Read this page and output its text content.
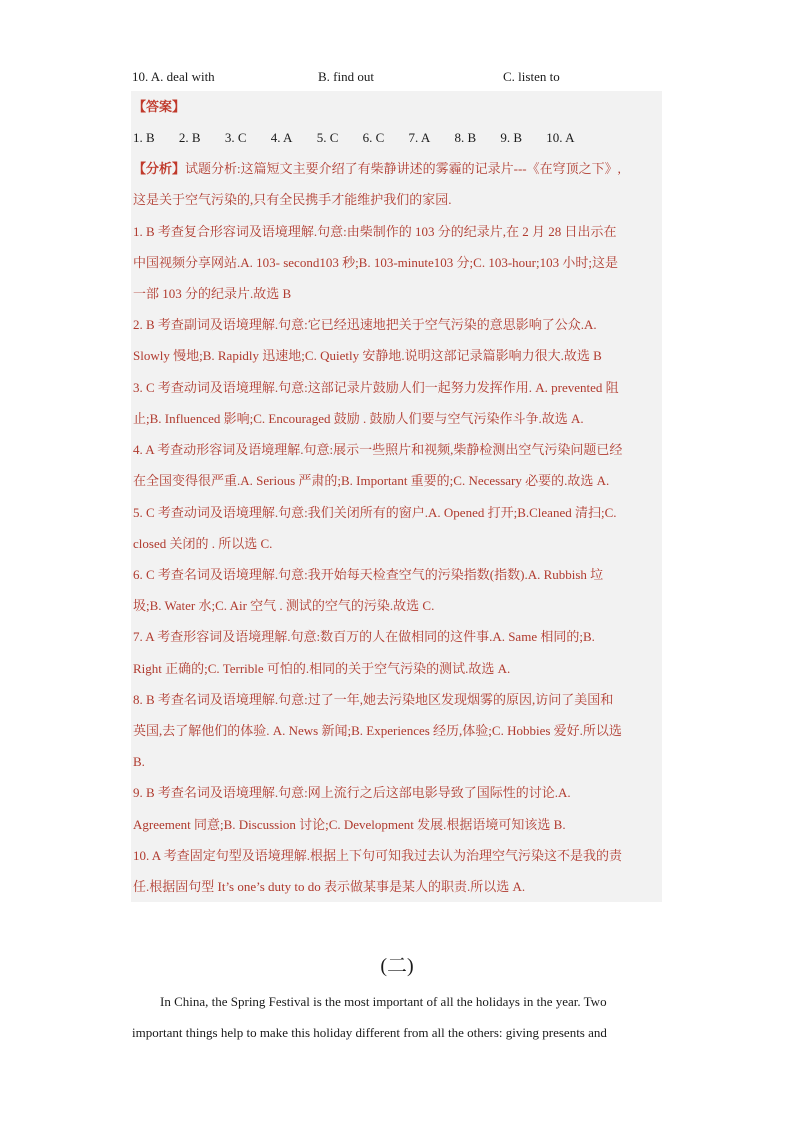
10. A. deal with	B. find out	C. listen to
【答案】
1. B 2. B 3. C 4. A 5. C 6. C 7. A 8. B 9. B 10. A
【分析】试题分析:这篇短文主要介绍了有柴静讲述的雾霾的记录片---《在穹顶之下》,
这是关于空气污染的,只有全民携手才能维护我们的家园.
1. B 考查复合形容词及语境理解.句意:由柴制作的 103 分的纪录片,在 2 月 28 日出示在
中国视频分享网站.A. 103- second103 秒;B. 103-minute103 分;C. 103-hour;103 小时;这是
一部 103 分的纪录片.故选 B
2. B 考查副词及语境理解.句意:它已经迅速地把关于空气污染的意思影响了公众.A.
Slowly 慢地;B. Rapidly 迅速地;C. Quietly 安静地.说明这部记录篇影响力很大.故选 B
3. C 考查动词及语境理解.句意:这部记录片鼓励人们一起努力发挥作用. A. prevented 阻
止;B. Influenced 影响;C. Encouraged 鼓励 . 鼓励人们要与空气污染作斗争.故选 A.
4. A 考查动形容词及语境理解.句意:展示一些照片和视频,柴静检测出空气污染问题已经
在全国变得很严重.A. Serious 严肃的;B. Important 重要的;C. Necessary 必要的.故选 A.
5. C 考查动词及语境理解.句意:我们关闭所有的窗户.A. Opened 打开;B.Cleaned 清扫;C.
closed 关闭的 . 所以选 C.
6. C 考查名词及语境理解.句意:我开始每天检查空气的污染指数(指数).A. Rubbish 垃
圾;B. Water 水;C. Air 空气 . 测试的空气的污染.故选 C.
7. A 考查形容词及语境理解.句意:数百万的人在做相同的这件事.A. Same 相同的;B.
Right 正确的;C. Terrible 可怕的.相同的关于空气污染的测试.故选 A.
8. B 考查名词及语境理解.句意:过了一年,她去污染地区发现烟雾的原因,访问了美国和
英国,去了解他们的体验. A. News 新闻;B. Experiences 经历,体验;C. Hobbies 爱好.所以选
B.
9. B 考查名词及语境理解.句意:网上流行之后这部电影导致了国际性的讨论.A.
Agreement 同意;B. Discussion 讨论;C. Development 发展.根据语境可知该选 B.
10. A 考查固定句型及语境理解.根据上下句可知我过去认为治理空气污染这不是我的责
任.根据固句型 It’s one’s duty to do 表示做某事是某人的职责.所以选 A.
(二)
In China, the Spring Festival is the most important of all the holidays in the year. Two
important things help to make this holiday different from all the others: giving presents and
